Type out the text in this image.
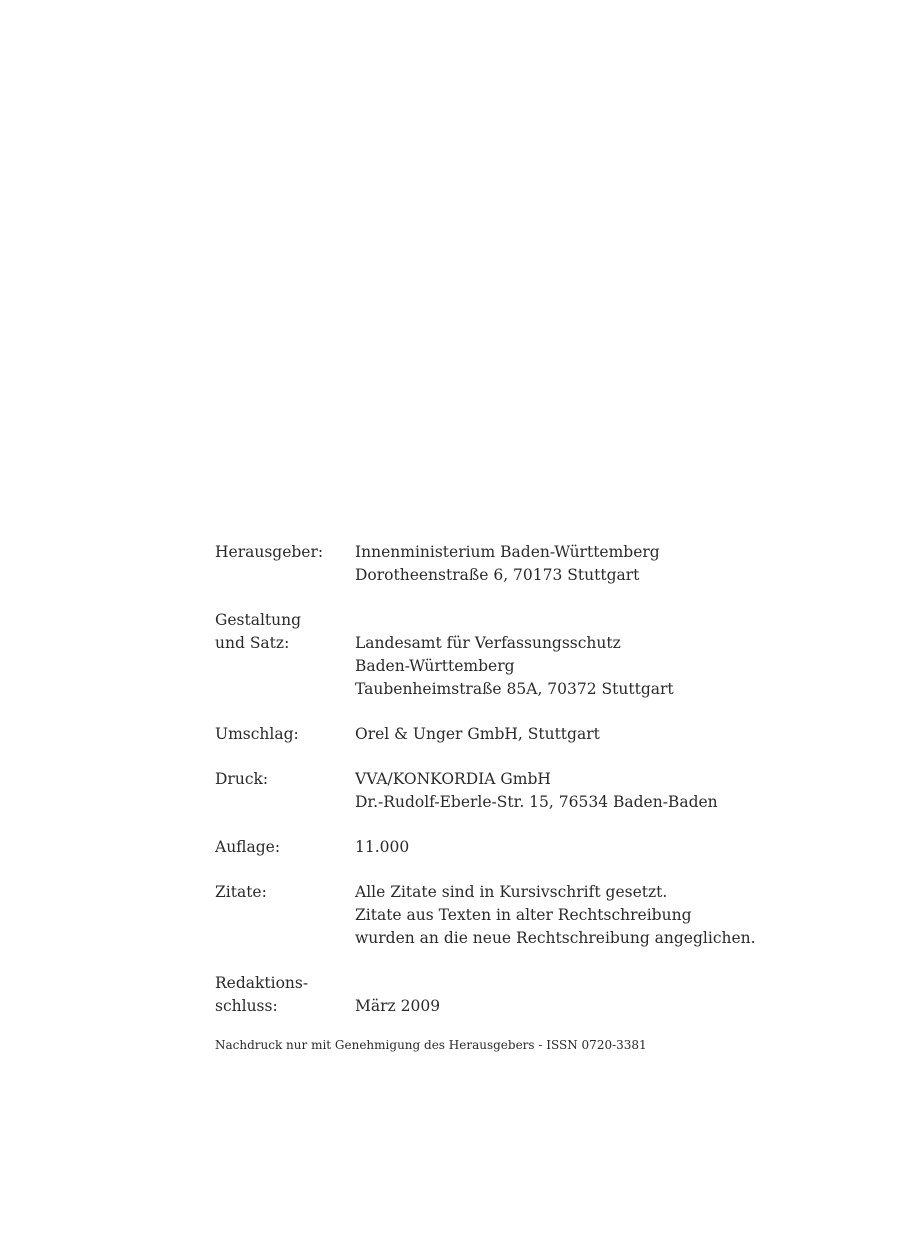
Herausgeber:	Innenministerium Baden-Württemberg
Dorotheenstraße 6, 70173 Stuttgart
Gestaltung
und Satz:
	Landesamt für Verfassungsschutz
Baden-Württemberg
Taubenheimstraße 85A, 70372 Stuttgart
Umschlag:	Orel & Unger GmbH, Stuttgart
Druck:	VVA/KONKORDIA GmbH
Dr.-Rudolf-Eberle-Str. 15, 76534 Baden-Baden
Auflage:	11.000
Zitate:	Alle Zitate sind in Kursivschrift gesetzt.
Zitate aus Texten in alter Rechtschreibung
wurden an die neue Rechtschreibung angeglichen.
Redaktions-
schluss:
	März 2009
Nachdruck nur mit Genehmigung des Herausgebers - ISSN 0720-3381
